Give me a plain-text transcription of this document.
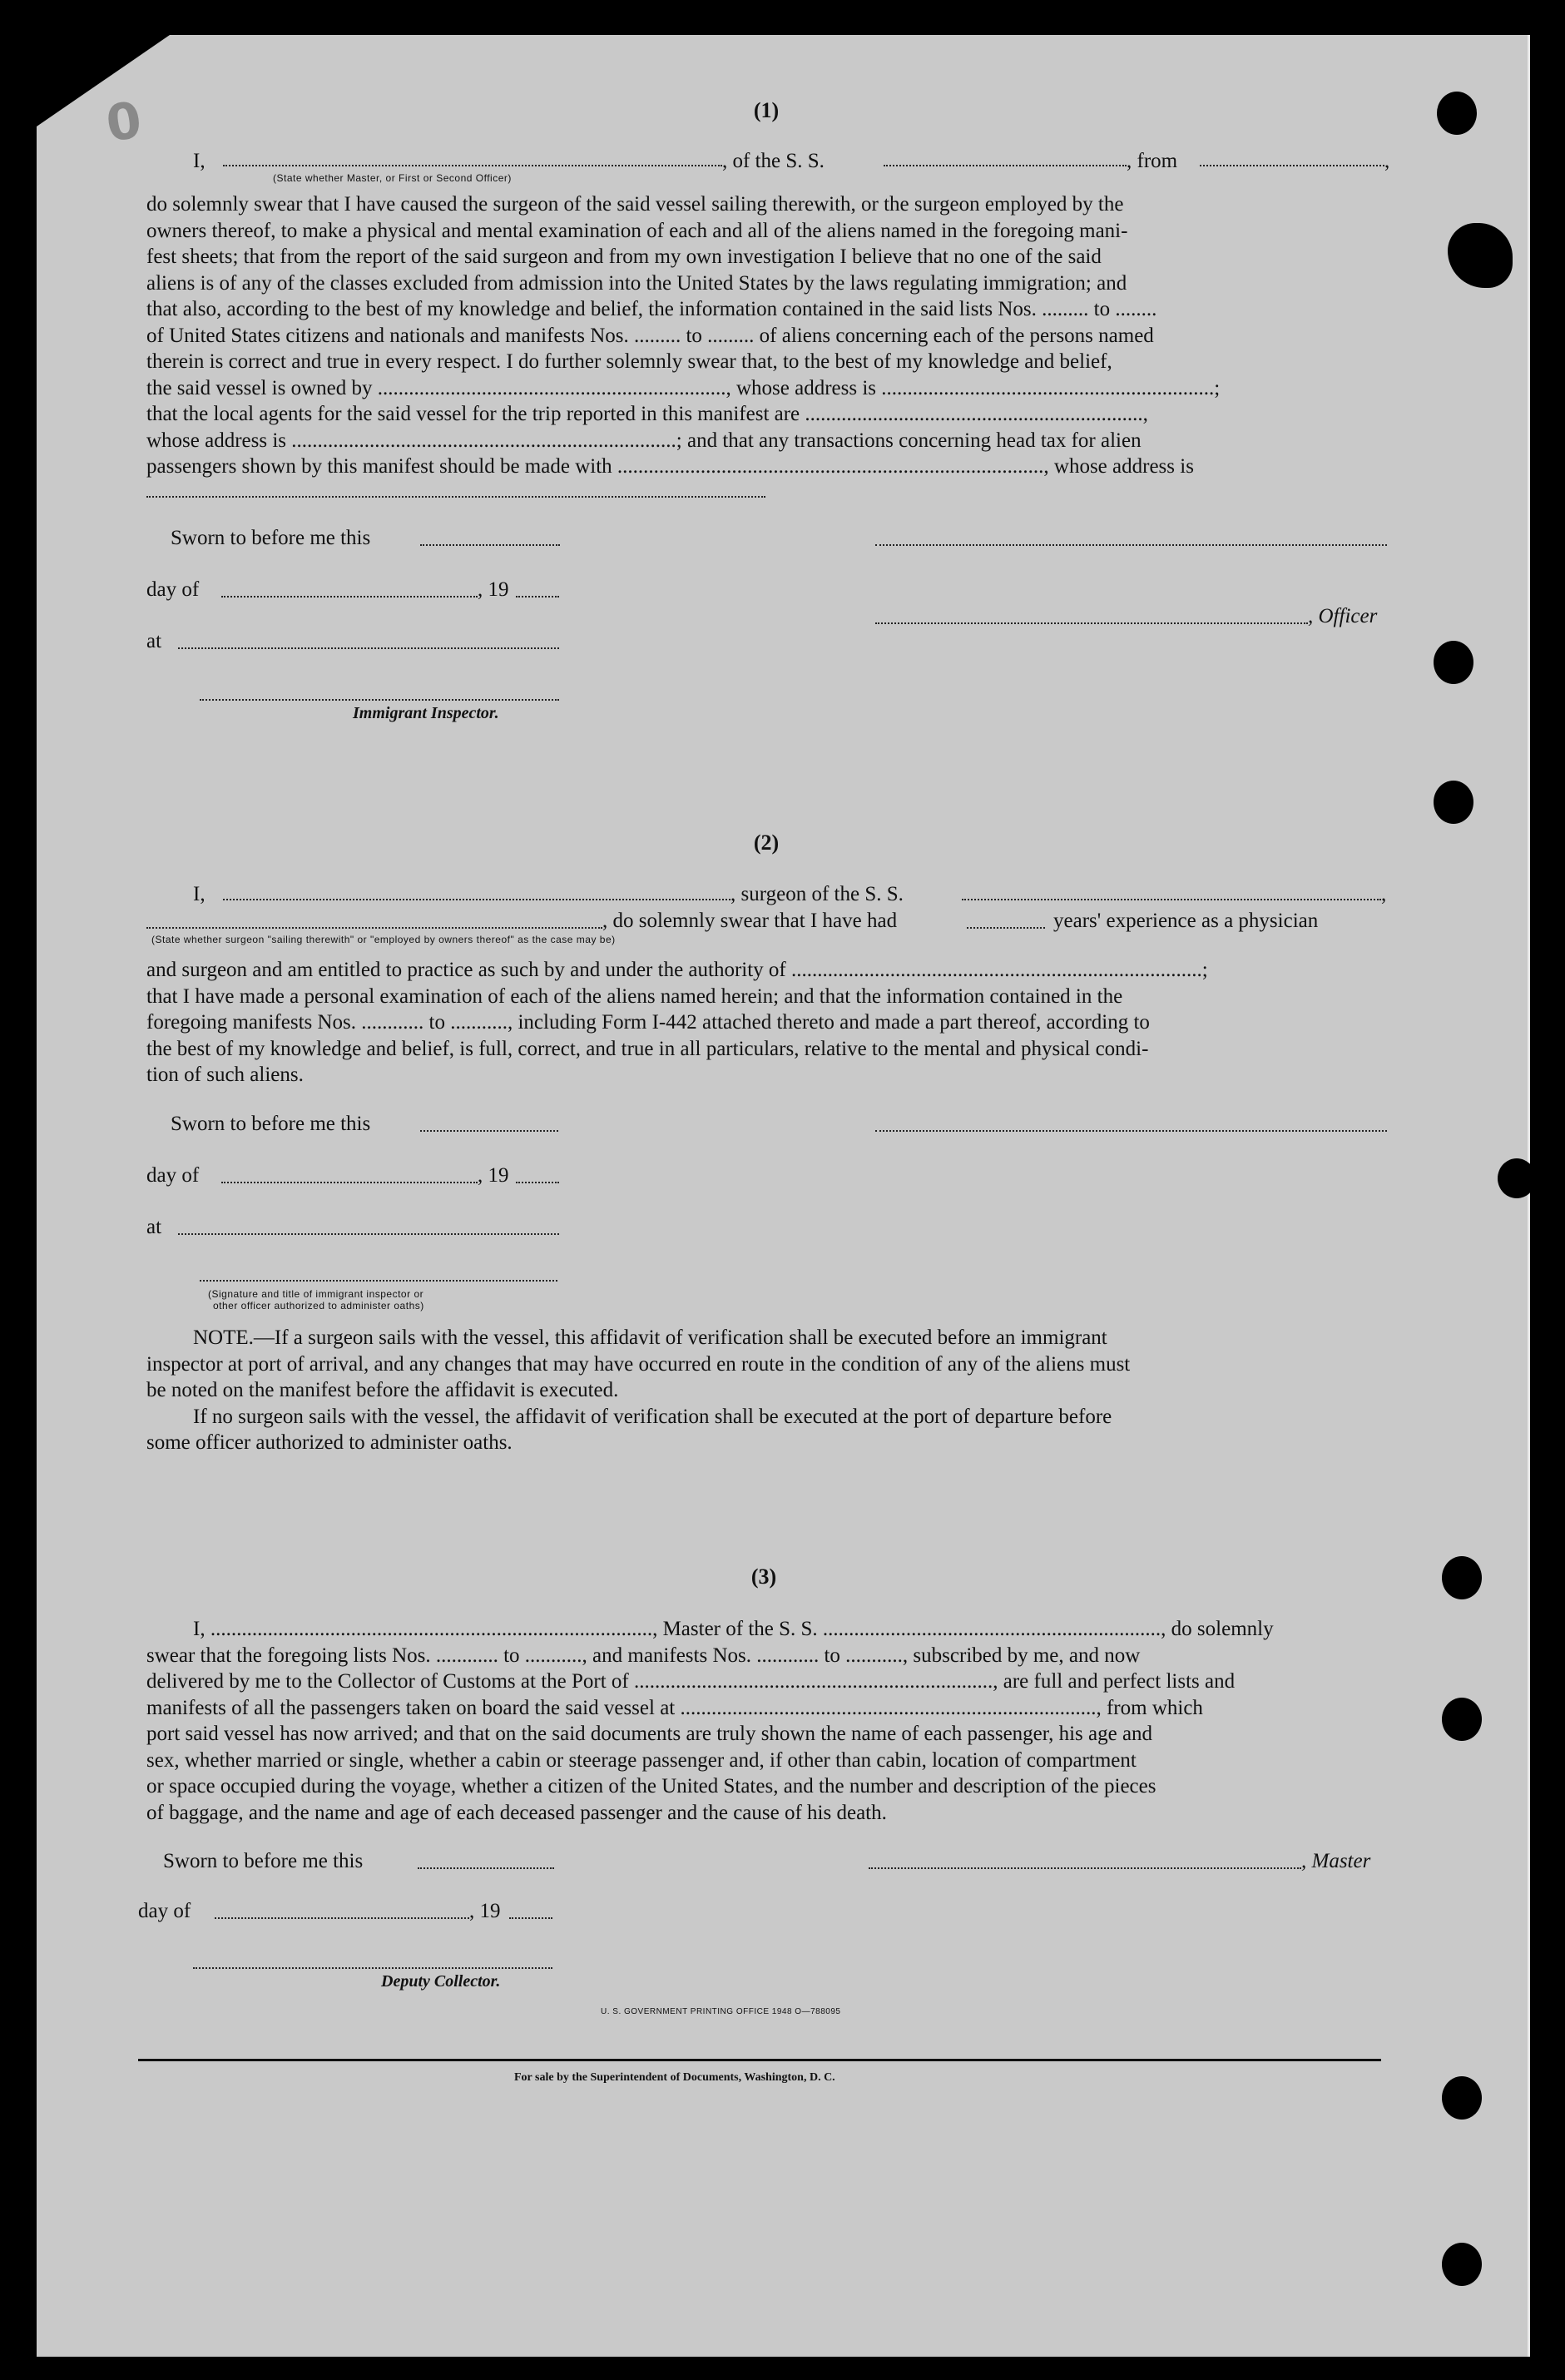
0	(1)
I,	, of the S. S.	, from	,
(State whether Master, or First or Second Officer)

do solemnly swear that I have caused the surgeon of the said vessel sailing therewith, or the surgeon employed by the
owners thereof, to make a physical and mental examination of each and all of the aliens named in the foregoing mani-
fest sheets; that from the report of the said surgeon and from my own investigation I believe that no one of the said
aliens is of any of the classes excluded from admission into the United States by the laws regulating immigration; and
that also, according to the best of my knowledge and belief, the information contained in the said lists Nos. ......... to ........
of United States citizens and nationals and manifests Nos. ......... to ......... of aliens concerning each of the persons named
therein is correct and true in every respect. I do further solemnly swear that, to the best of my knowledge and belief,
the said vessel is owned by ..................................................................., whose address is ................................................................;
that the local agents for the said vessel for the trip reported in this manifest are .................................................................,
whose address is ..........................................................................; and that any transactions concerning head tax for alien
passengers shown by this manifest should be made with .................................................................................., whose address is

Sworn to before me this
day of	, 19
, Officer
at
Immigrant Inspector.
(2)
I,	, surgeon of the S. S.	,
, do solemnly swear that I have had	years' experience as a physician
(State whether surgeon "sailing therewith" or "employed by owners thereof" as the case may be)

and surgeon and am entitled to practice as such by and under the authority of ...............................................................................;
that I have made a personal examination of each of the aliens named herein; and that the information contained in the
foregoing manifests Nos. ............ to ..........., including Form I-442 attached thereto and made a part thereof, according to
the best of my knowledge and belief, is full, correct, and true in all particulars, relative to the mental and physical condi-
tion of such aliens.

Sworn to before me this
day of	, 19
at
(Signature and title of immigrant inspector or
other officer authorized to administer oaths)

NOTE.—If a surgeon sails with the vessel, this affidavit of verification shall be executed before an immigrant
inspector at port of arrival, and any changes that may have occurred en route in the condition of any of the aliens must
be noted on the manifest before the affidavit is executed.
If no surgeon sails with the vessel, the affidavit of verification shall be executed at the port of departure before
some officer authorized to administer oaths.

(3)

I, ....................................................................................., Master of the S. S. ................................................................., do solemnly
swear that the foregoing lists Nos. ............ to ..........., and manifests Nos. ............ to ..........., subscribed by me, and now
delivered by me to the Collector of Customs at the Port of ....................................................................., are full and perfect lists and
manifests of all the passengers taken on board the said vessel at ................................................................................, from which
port said vessel has now arrived; and that on the said documents are truly shown the name of each passenger, his age and
sex, whether married or single, whether a cabin or steerage passenger and, if other than cabin, location of compartment
or space occupied during the voyage, whether a citizen of the United States, and the number and description of the pieces
of baggage, and the name and age of each deceased passenger and the cause of his death.

Sworn to before me this	, Master
day of	, 19
Deputy Collector.
U. S. GOVERNMENT PRINTING OFFICE 1948 O—788095
For sale by the Superintendent of Documents, Washington, D. C.
